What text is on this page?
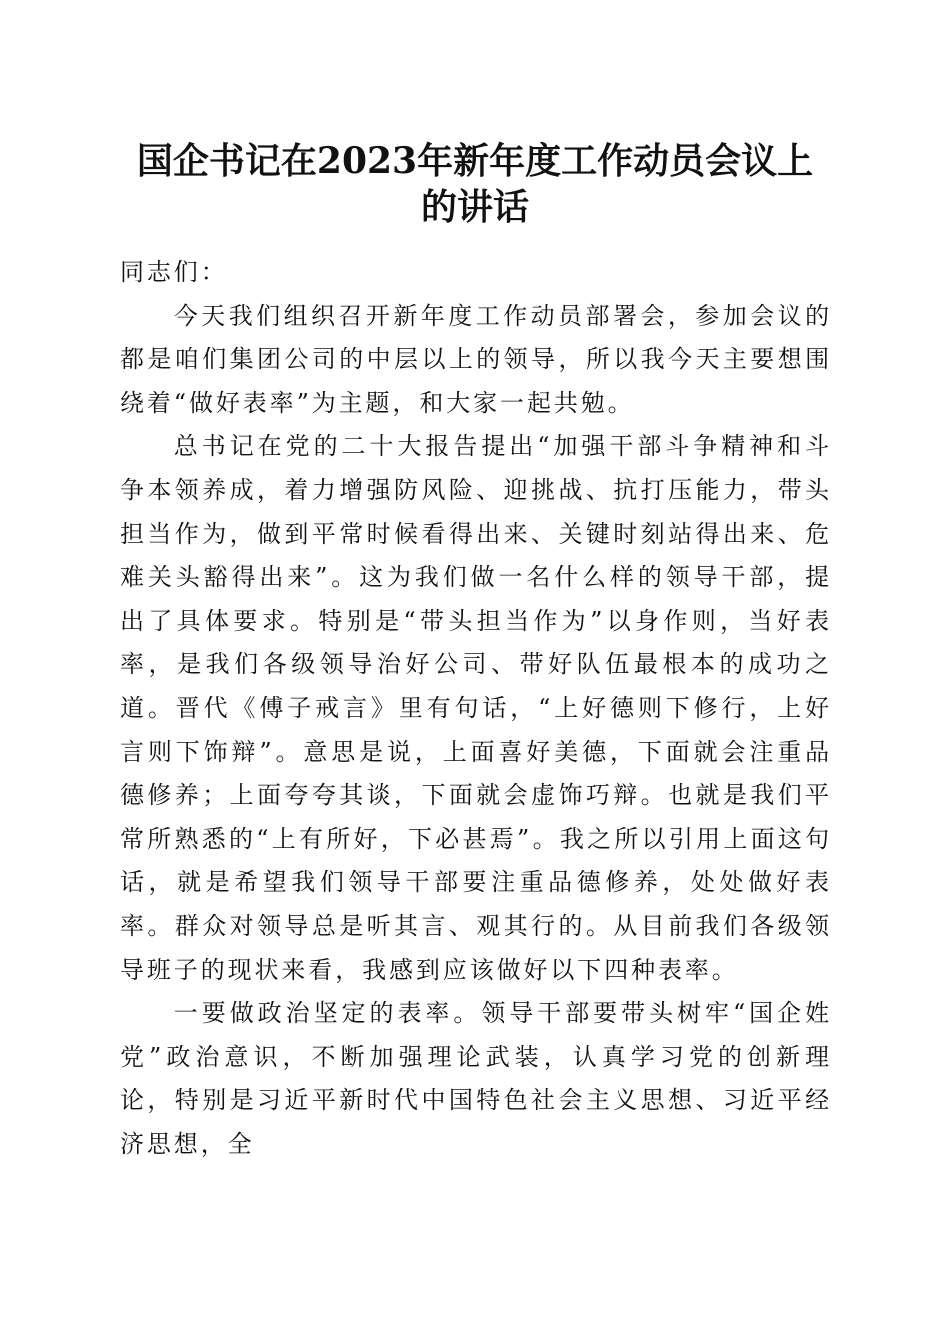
国企书记在2023年新年度工作动员会议上的讲话

同志们：

今天我们组织召开新年度工作动员部署会，参加会议的都是咱们集团公司的中层以上的领导，所以我今天主要想围绕着“做好表率”为主题，和大家一起共勉。

总书记在党的二十大报告提出“加强干部斗争精神和斗争本领养成，着力增强防风险、迎挑战、抗打压能力，带头担当作为，做到平常时候看得出来、关键时刻站得出来、危难关头豁得出来”。这为我们做一名什么样的领导干部，提出了具体要求。特别是“带头担当作为”以身作则，当好表率，是我们各级领导治好公司、带好队伍最根本的成功之道。晋代《傅子戒言》里有句话，“上好德则下修行，上好言则下饰辩”。意思是说，上面喜好美德，下面就会注重品德修养；上面夸夸其谈，下面就会虚饰巧辩。也就是我们平常所熟悉的“上有所好，下必甚焉”。我之所以引用上面这句话，就是希望我们领导干部要注重品德修养，处处做好表率。群众对领导总是听其言、观其行的。从目前我们各级领导班子的现状来看，我感到应该做好以下四种表率。

一要做政治坚定的表率。领导干部要带头树牢“国企姓党”政治意识，不断加强理论武装，认真学习党的创新理论，特别是习近平新时代中国特色社会主义思想、习近平经济思想，全
